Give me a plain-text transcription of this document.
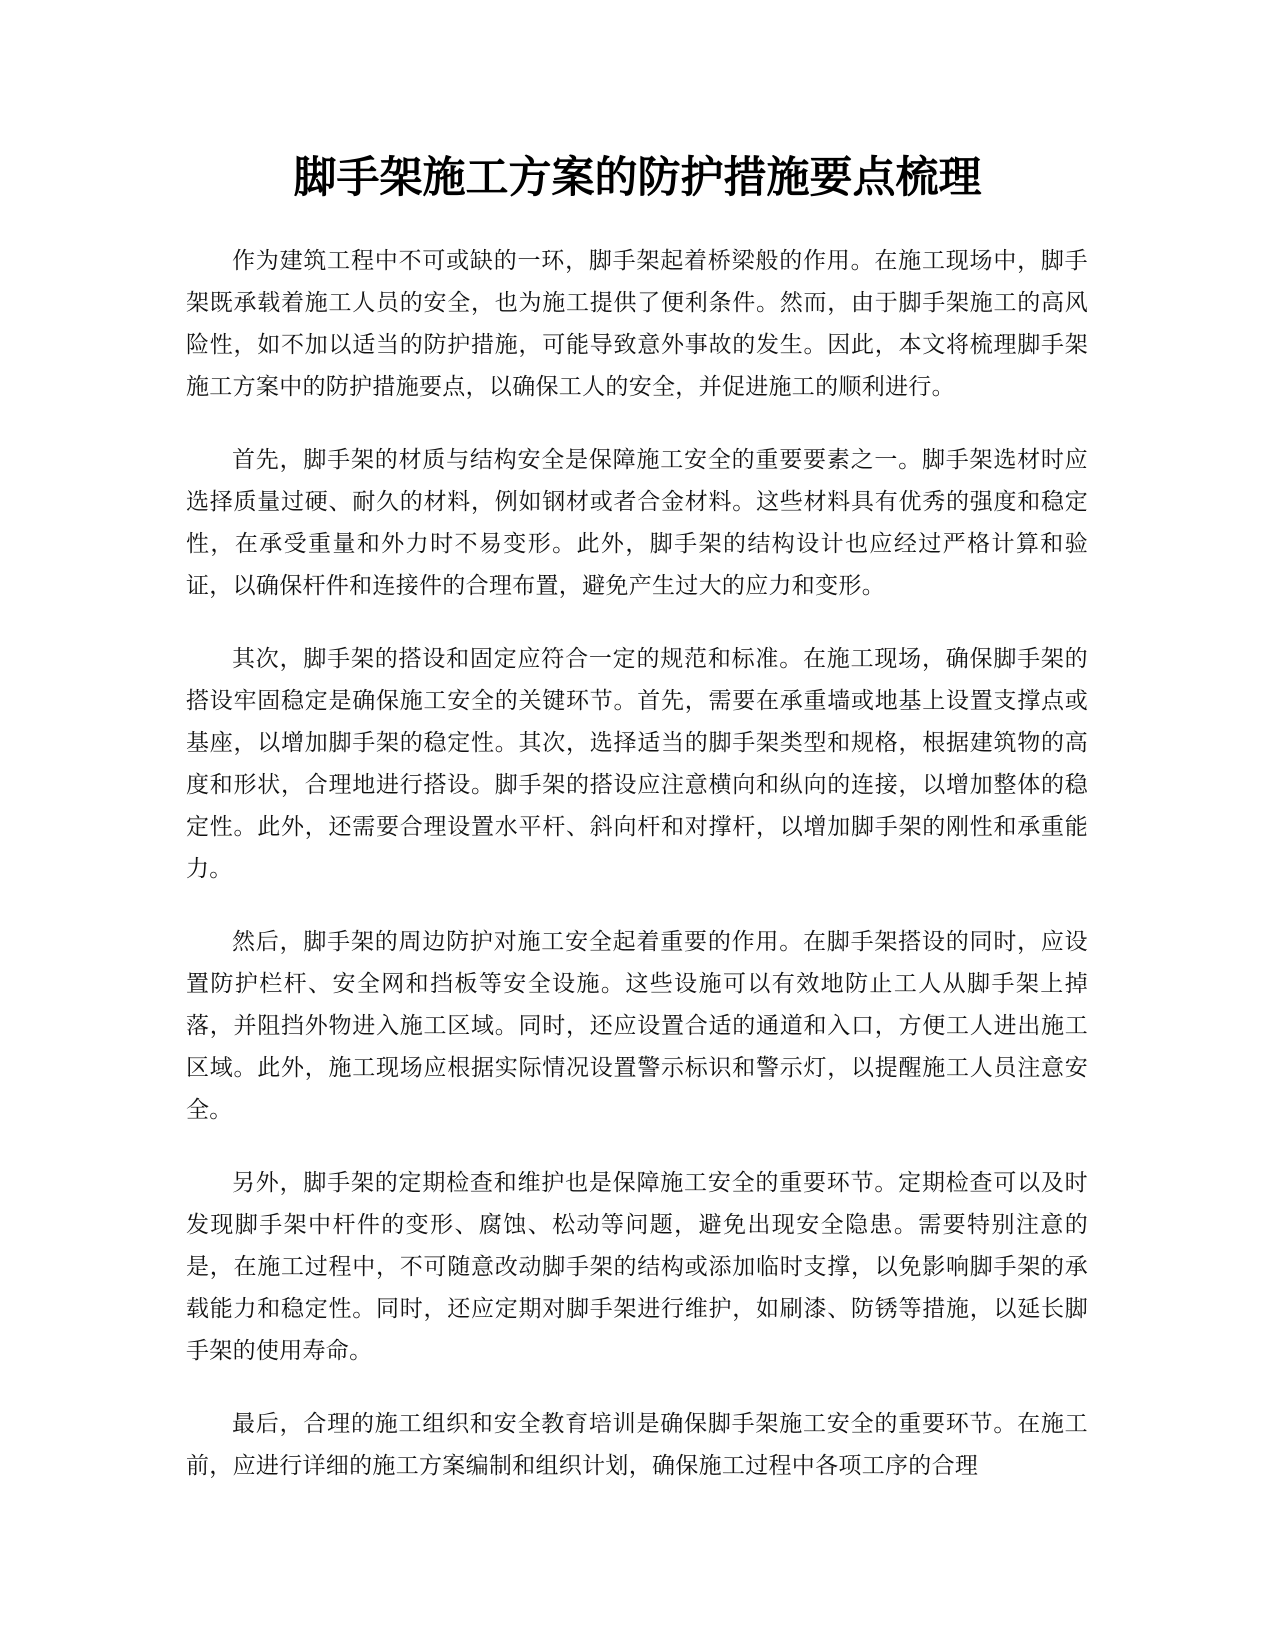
脚手架施工方案的防护措施要点梳理

作为建筑工程中不可或缺的一环，脚手架起着桥梁般的作用。在施工现场中，脚手架既承载着施工人员的安全，也为施工提供了便利条件。然而，由于脚手架施工的高风险性，如不加以适当的防护措施，可能导致意外事故的发生。因此，本文将梳理脚手架施工方案中的防护措施要点，以确保工人的安全，并促进施工的顺利进行。

首先，脚手架的材质与结构安全是保障施工安全的重要要素之一。脚手架选材时应选择质量过硬、耐久的材料，例如钢材或者合金材料。这些材料具有优秀的强度和稳定性，在承受重量和外力时不易变形。此外，脚手架的结构设计也应经过严格计算和验证，以确保杆件和连接件的合理布置，避免产生过大的应力和变形。

其次，脚手架的搭设和固定应符合一定的规范和标准。在施工现场，确保脚手架的搭设牢固稳定是确保施工安全的关键环节。首先，需要在承重墙或地基上设置支撑点或基座，以增加脚手架的稳定性。其次，选择适当的脚手架类型和规格，根据建筑物的高度和形状，合理地进行搭设。脚手架的搭设应注意横向和纵向的连接，以增加整体的稳定性。此外，还需要合理设置水平杆、斜向杆和对撑杆，以增加脚手架的刚性和承重能力。

然后，脚手架的周边防护对施工安全起着重要的作用。在脚手架搭设的同时，应设置防护栏杆、安全网和挡板等安全设施。这些设施可以有效地防止工人从脚手架上掉落，并阻挡外物进入施工区域。同时，还应设置合适的通道和入口，方便工人进出施工区域。此外，施工现场应根据实际情况设置警示标识和警示灯，以提醒施工人员注意安全。

另外，脚手架的定期检查和维护也是保障施工安全的重要环节。定期检查可以及时发现脚手架中杆件的变形、腐蚀、松动等问题，避免出现安全隐患。需要特别注意的是，在施工过程中，不可随意改动脚手架的结构或添加临时支撑，以免影响脚手架的承载能力和稳定性。同时，还应定期对脚手架进行维护，如刷漆、防锈等措施，以延长脚手架的使用寿命。

最后，合理的施工组织和安全教育培训是确保脚手架施工安全的重要环节。在施工前，应进行详细的施工方案编制和组织计划，确保施工过程中各项工序的合理
